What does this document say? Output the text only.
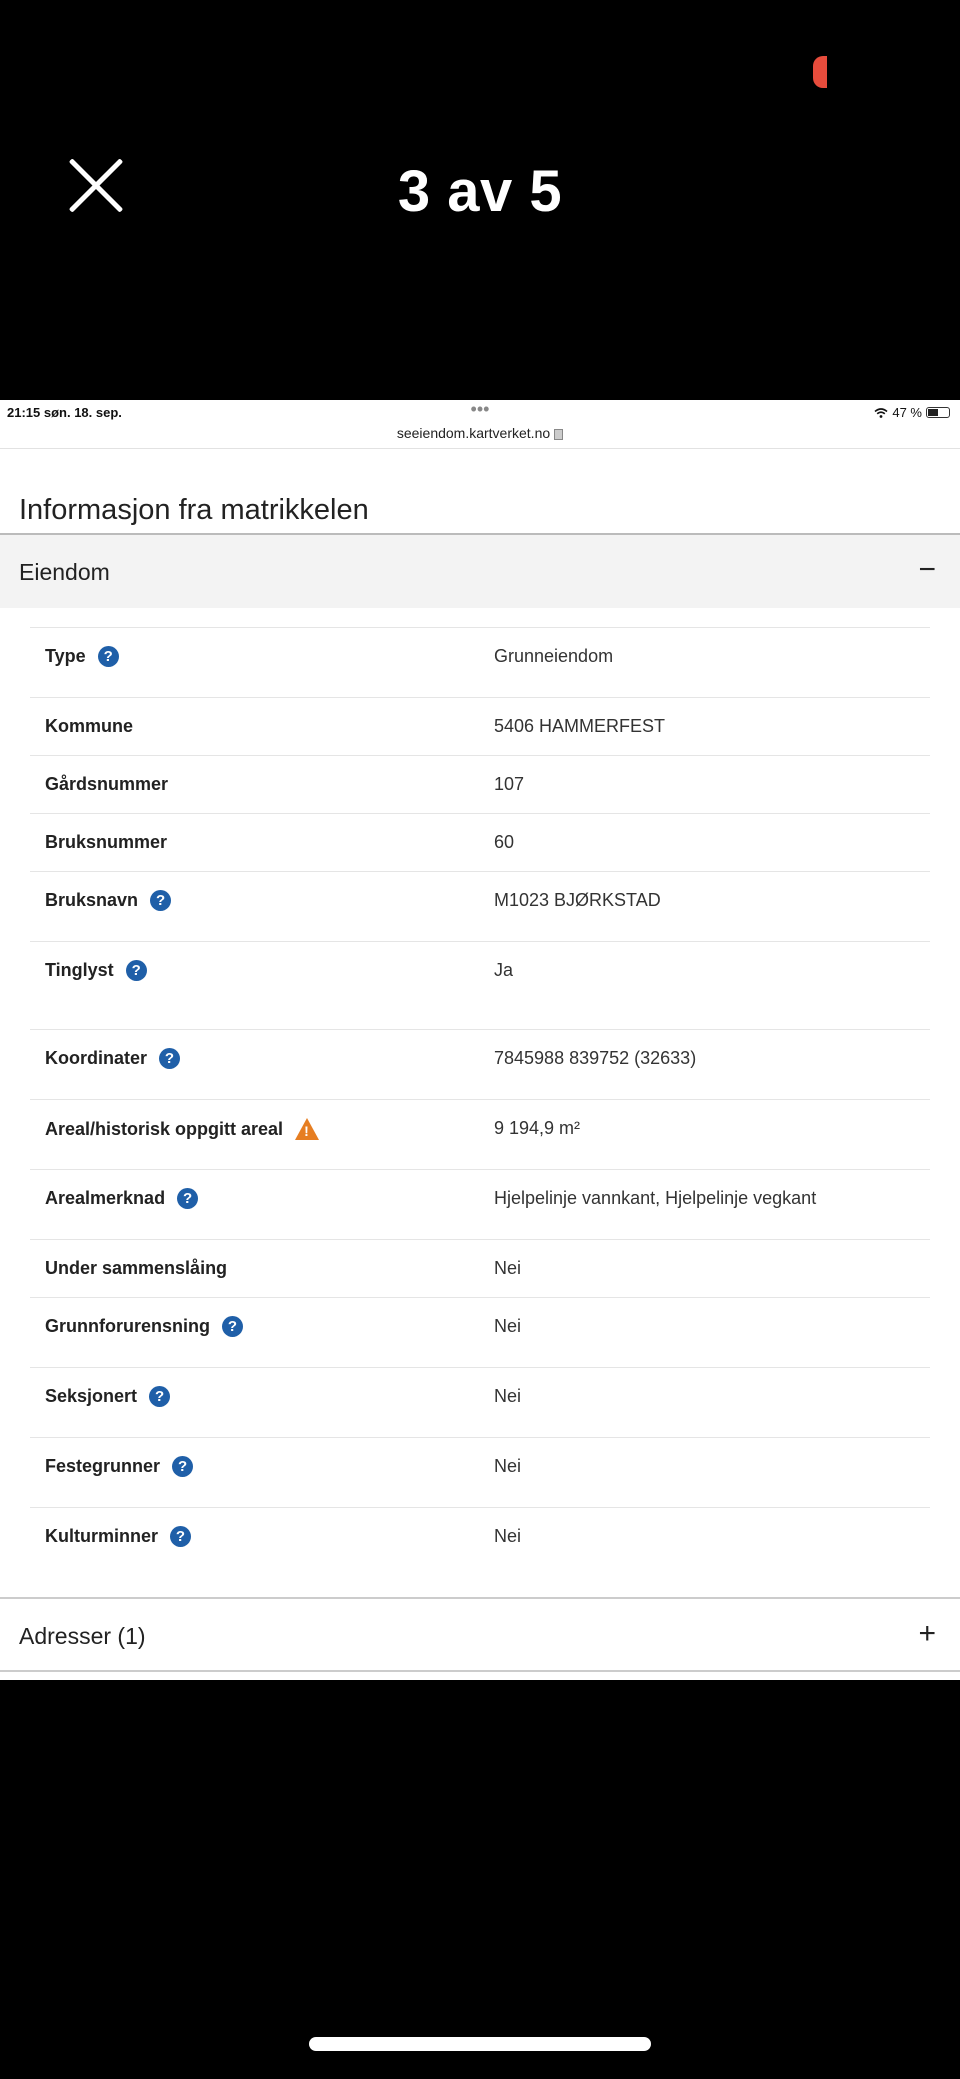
3 av 5
21:15 søn. 18. sep.	•••
seeiendom.kartverket.no
47 %
Informasjon fra matrikkelen
Eiendom	−
Type	?	Grunneiendom
Kommune	5406 HAMMERFEST
Gårdsnummer	107
Bruksnummer	60
Bruksnavn	?	M1023 BJØRKSTAD
Tinglyst	?	Ja
Koordinater	?	7845988 839752 (32633)
Areal/historisk oppgitt areal !	9 194,9 m²
Arealmerknad	?	Hjelpelinje vannkant, Hjelpelinje vegkant
Under sammenslåing	Nei
Grunnforurensning	?	Nei
Seksjonert	?	Nei
Festegrunner	?	Nei
Kulturminner	?	Nei
Adresser (1)	+
